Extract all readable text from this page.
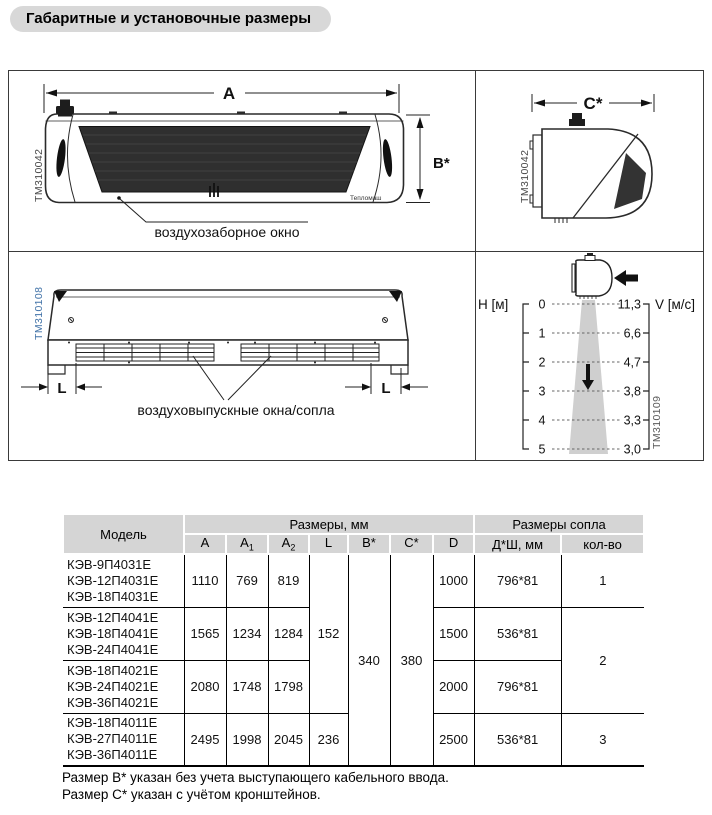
Габаритные и установочные размеры
A
Тепломаш
B*
воздухозаборное окно
TM310042
C*
TM310042
L	L
воздуховыпускные окна/сопла
TM310108	H [м]	V [м/с]
0
1
2
3
4
5
11,3
6,6
4,7
3,8
3,3
3,0
TM310109
Модель	Размеры, мм							Размеры сопла	
	А	$А_1$	$А_2$	L	B*	C*	D	Д*Ш, мм	кол-во

КЭВ-9П4031Е
КЭВ-12П4031Е
КЭВ-18П4031Е	1110	769	819	152	340	380	1000	796*81	1

КЭВ-12П4041Е
КЭВ-18П4041Е
КЭВ-24П4041Е	1565	1234	1284				1500	536*81	2

КЭВ-18П4021Е
КЭВ-24П4021Е
КЭВ-36П4021Е	2080	1748	1798				2000	796*81	

КЭВ-18П4011Е
КЭВ-27П4011Е
КЭВ-36П4011Е	2495	1998	2045	236			2500	536*81	3
Размер B* указан без учета выступающего кабельного ввода.
Размер C* указан с учётом кронштейнов.
